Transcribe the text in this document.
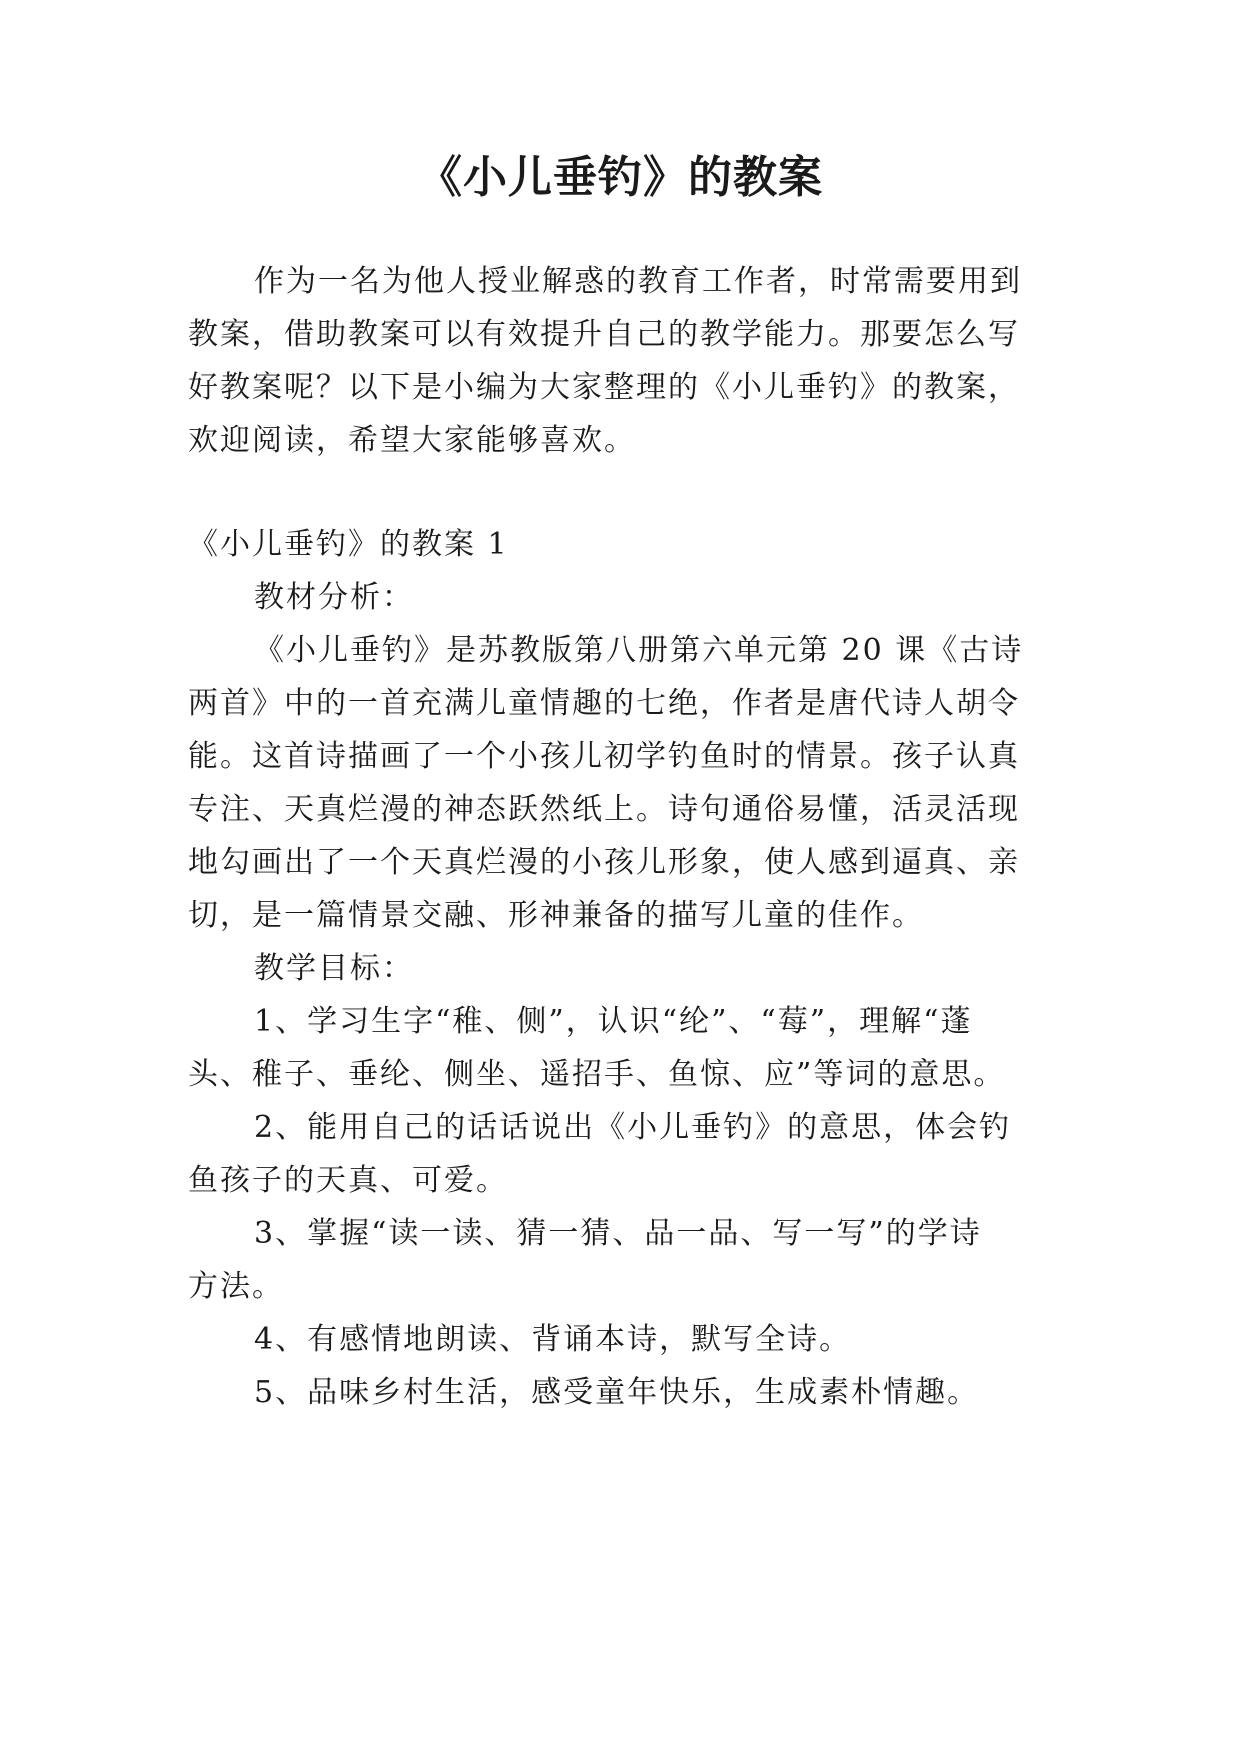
《小儿垂钓》的教案
作为一名为他人授业解惑的教育工作者，时常需要用到
教案，借助教案可以有效提升自己的教学能力。那要怎么写
好教案呢？以下是小编为大家整理的《小儿垂钓》的教案，
欢迎阅读，希望大家能够喜欢。
《小儿垂钓》的教案 1
教材分析：
《小儿垂钓》是苏教版第八册第六单元第 20 课《古诗
两首》中的一首充满儿童情趣的七绝，作者是唐代诗人胡令
能。这首诗描画了一个小孩儿初学钓鱼时的情景。孩子认真
专注、天真烂漫的神态跃然纸上。诗句通俗易懂，活灵活现
地勾画出了一个天真烂漫的小孩儿形象，使人感到逼真、亲
切，是一篇情景交融、形神兼备的描写儿童的佳作。
教学目标：
1、学习生字“稚、侧”，认识“纶”、“莓”，理解“蓬
头、稚子、垂纶、侧坐、遥招手、鱼惊、应”等词的意思。
2、能用自己的话话说出《小儿垂钓》的意思，体会钓
鱼孩子的天真、可爱。
3、掌握“读一读、猜一猜、品一品、写一写”的学诗
方法。
4、有感情地朗读、背诵本诗，默写全诗。
5、品味乡村生活，感受童年快乐，生成素朴情趣。
